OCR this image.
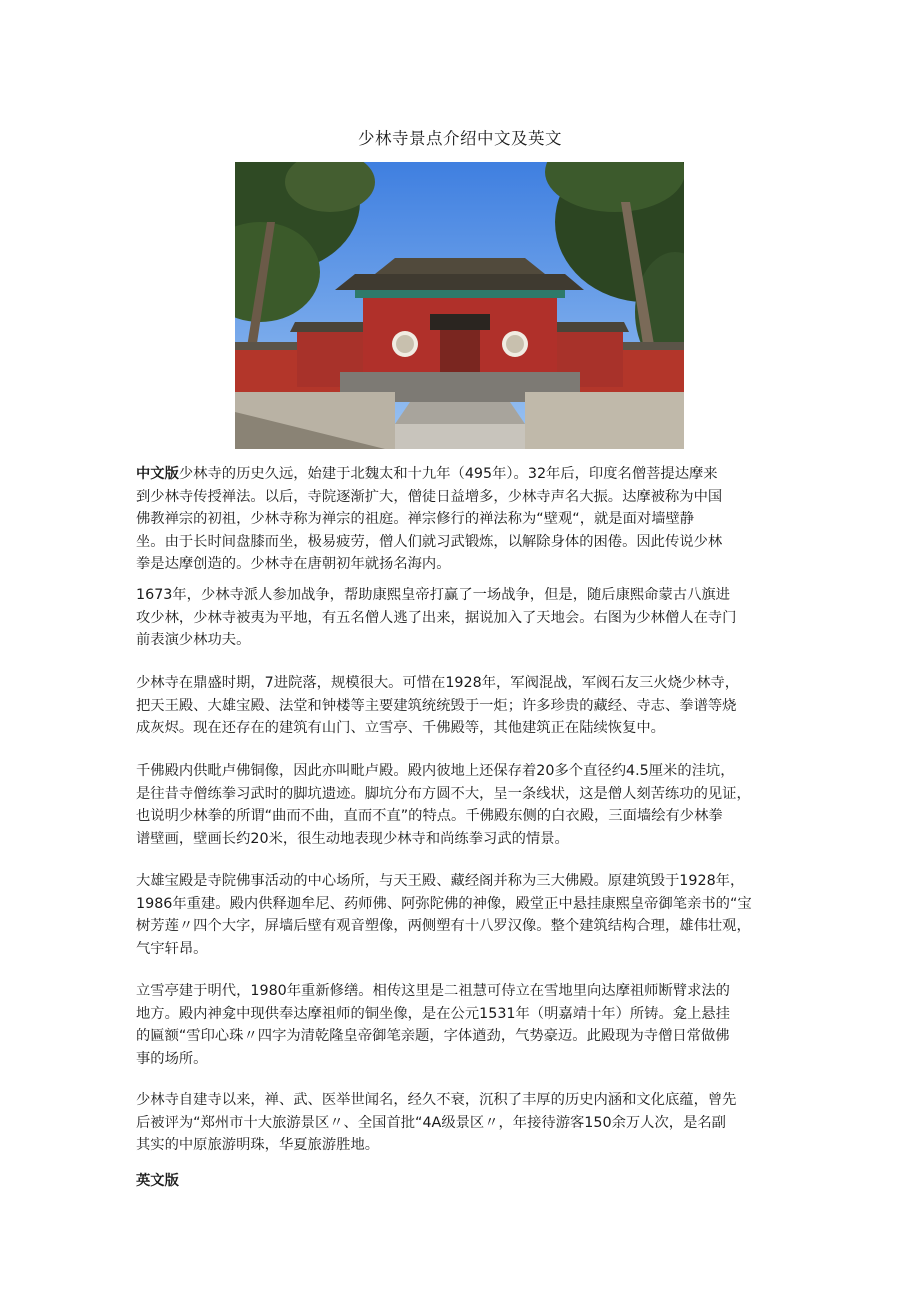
少林寺景点介绍中文及英文
中文版少林寺的历史久远，始建于北魏太和十九年（495年）。32年后，印度名僧菩提达摩来
到少林寺传授禅法。以后，寺院逐渐扩大，僧徒日益增多，少林寺声名大振。达摩被称为中国
佛教禅宗的初祖，少林寺称为禅宗的祖庭。禅宗修行的禅法称为“壁观“，就是面对墙壁静
坐。由于长时间盘膝而坐，极易疲劳，僧人们就习武锻炼，以解除身体的困倦。因此传说少林
拳是达摩创造的。少林寺在唐朝初年就扬名海内。
1673年，少林寺派人参加战争，帮助康熙皇帝打赢了一场战争，但是，随后康熙命蒙古八旗进
攻少林，少林寺被夷为平地，有五名僧人逃了出来，据说加入了天地会。右图为少林僧人在寺门
前表演少林功夫。
少林寺在鼎盛时期，7进院落，规模很大。可惜在1928年，军阀混战，军阀石友三火烧少林寺，
把天王殿、大雄宝殿、法堂和钟楼等主要建筑统统毁于一炬；许多珍贵的藏经、寺志、拳谱等烧
成灰烬。现在还存在的建筑有山门、立雪亭、千佛殿等，其他建筑正在陆续恢复中。
千佛殿内供毗卢佛铜像，因此亦叫毗卢殿。殿内彼地上还保存着20多个直径约4.5厘米的洼坑，
是往昔寺僧练拳习武时的脚坑遗迹。脚坑分布方圆不大，呈一条线状，这是僧人刻苦练功的见证，
也说明少林拳的所谓“曲而不曲，直而不直”的特点。千佛殿东侧的白衣殿，三面墙绘有少林拳
谱壁画，壁画长约20米，很生动地表现少林寺和尚练拳习武的情景。
大雄宝殿是寺院佛事活动的中心场所，与天王殿、藏经阁并称为三大佛殿。原建筑毁于1928年，
1986年重建。殿内供释迦牟尼、药师佛、阿弥陀佛的神像，殿堂正中悬挂康熙皇帝御笔亲书的“宝
树芳莲〃四个大字，屏墙后壁有观音塑像，两侧塑有十八罗汉像。整个建筑结构合理，雄伟壮观，
气宇轩昂。
立雪亭建于明代，1980年重新修缮。相传这里是二祖慧可侍立在雪地里向达摩祖师断臂求法的
地方。殿内神龛中现供奉达摩祖师的铜坐像，是在公元1531年（明嘉靖十年）所铸。龛上悬挂
的匾额“雪印心珠〃四字为清乾隆皇帝御笔亲题，字体遒劲，气势豪迈。此殿现为寺僧日常做佛
事的场所。
少林寺自建寺以来，禅、武、医举世闻名，经久不衰，沉积了丰厚的历史内涵和文化底蕴，曾先
后被评为“郑州市十大旅游景区〃、全国首批“4A级景区〃，年接待游客150余万人次，是名副
其实的中原旅游明珠，华夏旅游胜地。
英文版
